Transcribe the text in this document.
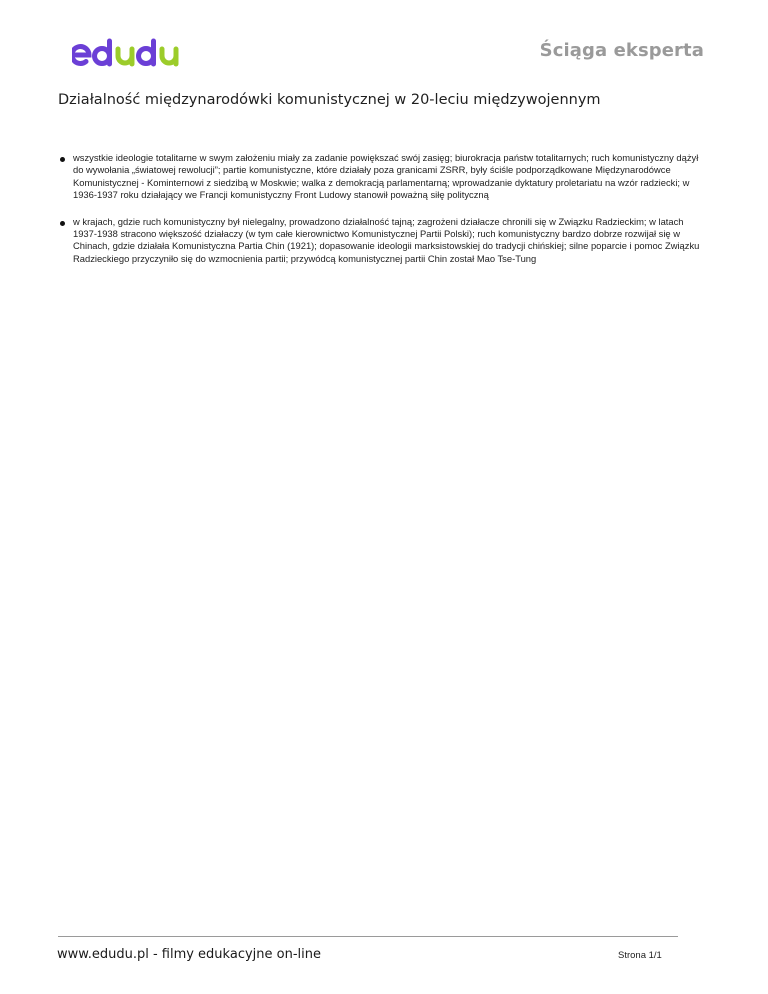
Ściąga eksperta
Działalność międzynarodówki komunistycznej w 20-leciu międzywojennym
wszystkie ideologie totalitarne w swym założeniu miały za zadanie powiększać swój zasięg; biurokracja państw totalitarnych; ruch komunistyczny dążył do wywołania „światowej rewolucji”; partie komunistyczne, które działały poza granicami ZSRR, były ściśle podporządkowane Międzynarodówce Komunistycznej - Kominternowi z siedzibą w Moskwie; walka z demokracją parlamentarną; wprowadzanie dyktatury proletariatu na wzór radziecki; w 1936-1937 roku działający we Francji komunistyczny Front Ludowy stanowił poważną siłę polityczną
w krajach, gdzie ruch komunistyczny był nielegalny, prowadzono działalność tajną; zagrożeni działacze chronili się w Związku Radzieckim; w latach 1937-1938 stracono większość działaczy (w tym całe kierownictwo Komunistycznej Partii Polski); ruch komunistyczny bardzo dobrze rozwijał się w Chinach, gdzie działała Komunistyczna Partia Chin (1921); dopasowanie ideologii marksistowskiej do tradycji chińskiej; silne poparcie i pomoc Związku Radzieckiego przyczyniło się do wzmocnienia partii; przywódcą komunistycznej partii Chin został Mao Tse-Tung
www.edudu.pl - filmy edukacyjne on-line	Strona 1/1
